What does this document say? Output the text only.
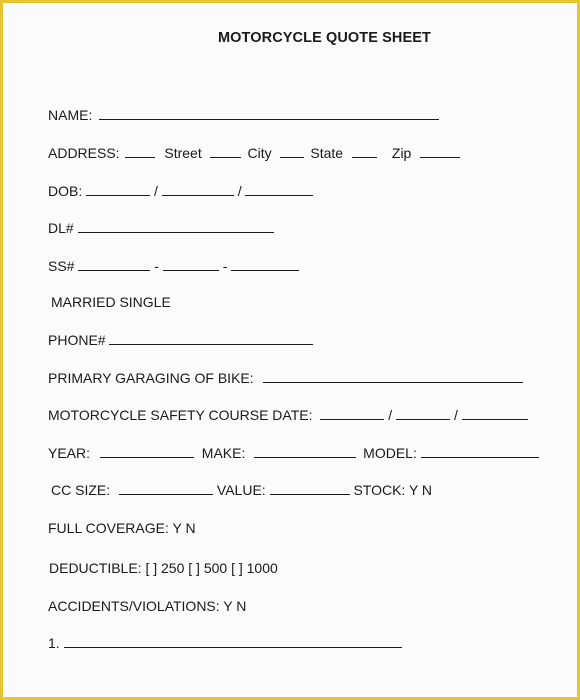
MOTORCYCLE QUOTE SHEET
NAME:
ADDRESS:	Street	City	State	Zip
DOB:	/	/
DL#
SS#	-	-
MARRIED SINGLE
PHONE#
PRIMARY GARAGING OF BIKE:
MOTORCYCLE SAFETY COURSE DATE:	/	/
YEAR:	MAKE:	MODEL:
CC SIZE:	VALUE:	STOCK: Y N
FULL COVERAGE: Y N
DEDUCTIBLE: [ ] 250 [ ] 500 [ ] 1000
ACCIDENTS/VIOLATIONS: Y N
1.
